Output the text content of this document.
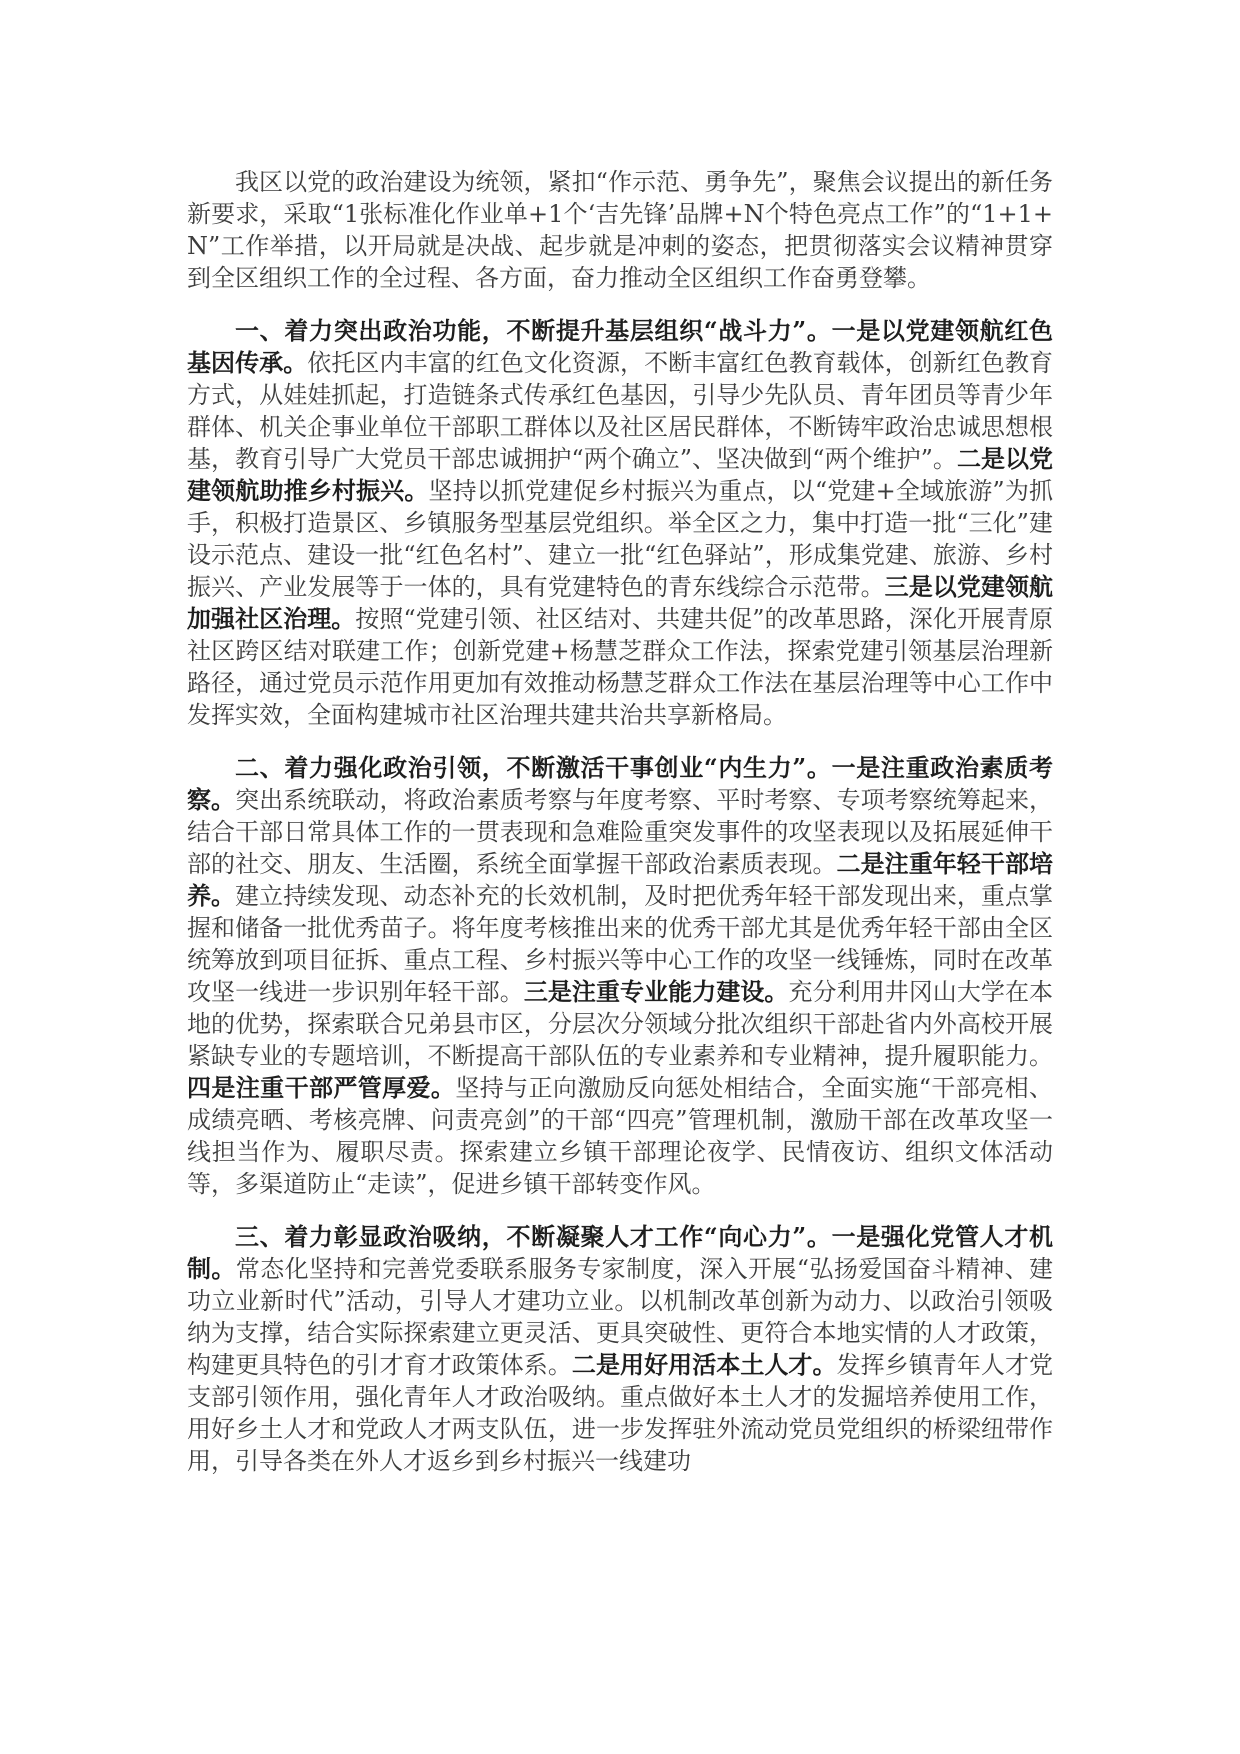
我区以党的政治建设为统领，紧扣“作示范、勇争先”，聚焦会议提出的新任务新要求，采取“1张标准化作业单+1个‘吉先锋’品牌+N个特色亮点工作”的“1+1+N”工作举措，以开局就是决战、起步就是冲刺的姿态，把贯彻落实会议精神贯穿到全区组织工作的全过程、各方面，奋力推动全区组织工作奋勇登攀。

一、着力突出政治功能，不断提升基层组织“战斗力”。一是以党建领航红色基因传承。依托区内丰富的红色文化资源，不断丰富红色教育载体，创新红色教育方式，从娃娃抓起，打造链条式传承红色基因，引导少先队员、青年团员等青少年群体、机关企事业单位干部职工群体以及社区居民群体，不断铸牢政治忠诚思想根基，教育引导广大党员干部忠诚拥护“两个确立”、坚决做到“两个维护”。二是以党建领航助推乡村振兴。坚持以抓党建促乡村振兴为重点，以“党建+全域旅游”为抓手，积极打造景区、乡镇服务型基层党组织。举全区之力，集中打造一批“三化”建设示范点、建设一批“红色名村”、建立一批“红色驿站”，形成集党建、旅游、乡村振兴、产业发展等于一体的，具有党建特色的青东线综合示范带。三是以党建领航加强社区治理。按照“党建引领、社区结对、共建共促”的改革思路，深化开展青原社区跨区结对联建工作；创新党建+杨慧芝群众工作法，探索党建引领基层治理新路径，通过党员示范作用更加有效推动杨慧芝群众工作法在基层治理等中心工作中发挥实效，全面构建城市社区治理共建共治共享新格局。

二、着力强化政治引领，不断激活干事创业“内生力”。一是注重政治素质考察。突出系统联动，将政治素质考察与年度考察、平时考察、专项考察统筹起来，结合干部日常具体工作的一贯表现和急难险重突发事件的攻坚表现以及拓展延伸干部的社交、朋友、生活圈，系统全面掌握干部政治素质表现。二是注重年轻干部培养。建立持续发现、动态补充的长效机制，及时把优秀年轻干部发现出来，重点掌握和储备一批优秀苗子。将年度考核推出来的优秀干部尤其是优秀年轻干部由全区统筹放到项目征拆、重点工程、乡村振兴等中心工作的攻坚一线锤炼，同时在改革攻坚一线进一步识别年轻干部。三是注重专业能力建设。充分利用井冈山大学在本地的优势，探索联合兄弟县市区，分层次分领域分批次组织干部赴省内外高校开展紧缺专业的专题培训，不断提高干部队伍的专业素养和专业精神，提升履职能力。四是注重干部严管厚爱。坚持与正向激励反向惩处相结合，全面实施“干部亮相、成绩亮晒、考核亮牌、问责亮剑”的干部“四亮”管理机制，激励干部在改革攻坚一线担当作为、履职尽责。探索建立乡镇干部理论夜学、民情夜访、组织文体活动等，多渠道防止“走读”，促进乡镇干部转变作风。

三、着力彰显政治吸纳，不断凝聚人才工作“向心力”。一是强化党管人才机制。常态化坚持和完善党委联系服务专家制度，深入开展“弘扬爱国奋斗精神、建功立业新时代”活动，引导人才建功立业。以机制改革创新为动力、以政治引领吸纳为支撑，结合实际探索建立更灵活、更具突破性、更符合本地实情的人才政策，构建更具特色的引才育才政策体系。二是用好用活本土人才。发挥乡镇青年人才党支部引领作用，强化青年人才政治吸纳。重点做好本土人才的发掘培养使用工作，用好乡土人才和党政人才两支队伍，进一步发挥驻外流动党员党组织的桥梁纽带作用，引导各类在外人才返乡到乡村振兴一线建功
